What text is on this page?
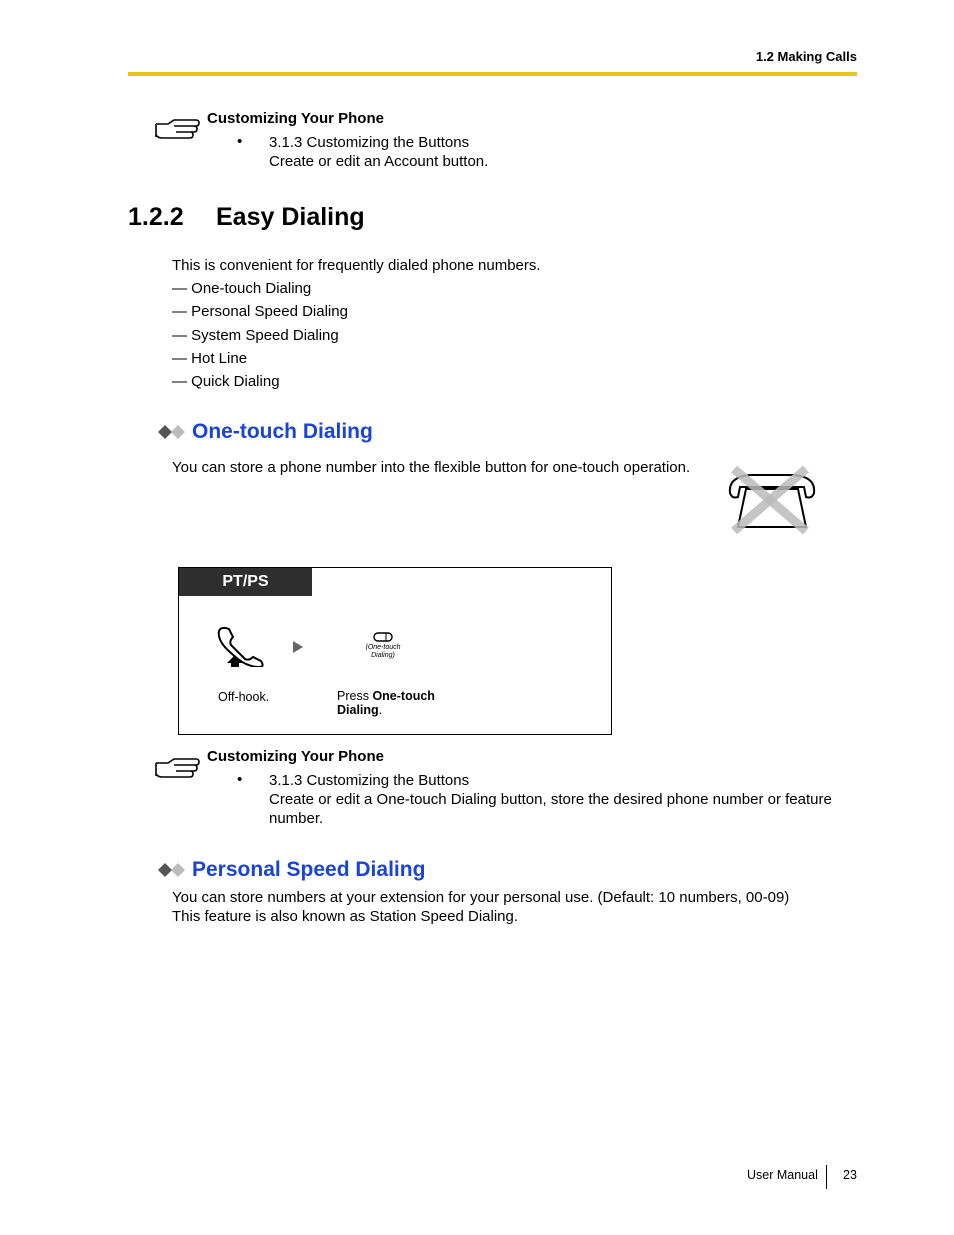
1.2 Making Calls
Customizing Your Phone
• 3.1.3 Customizing the Buttons
Create or edit an Account button.
1.2.2 Easy Dialing
This is convenient for frequently dialed phone numbers.
— One-touch Dialing
— Personal Speed Dialing
— System Speed Dialing
— Hot Line
— Quick Dialing
One-touch Dialing
You can store a phone number into the flexible button for one-touch operation.
PT/PS
(One-touch
Dialing)
Off-hook.	Press One-touch
Dialing.
Customizing Your Phone
• 3.1.3 Customizing the Buttons
Create or edit a One-touch Dialing button, store the desired phone number or feature
number.
Personal Speed Dialing
You can store numbers at your extension for your personal use. (Default: 10 numbers, 00-09)
This feature is also known as Station Speed Dialing.
User Manual 23
